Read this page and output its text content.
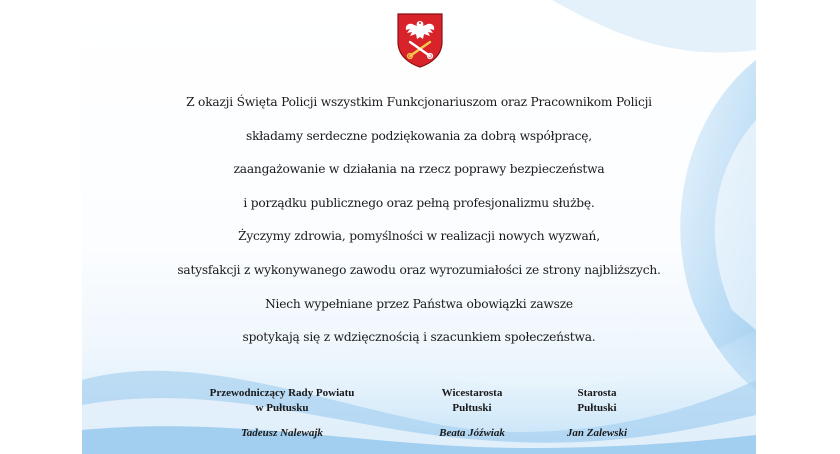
Z okazji Święta Policji wszystkim Funkcjonariuszom oraz Pracownikom Policji
składamy serdeczne podziękowania za dobrą współpracę,
zaangażowanie w działania na rzecz poprawy bezpieczeństwa
i porządku publicznego oraz pełną profesjonalizmu służbę.
Życzymy zdrowia, pomyślności w realizacji nowych wyzwań,
satysfakcji z wykonywanego zawodu oraz wyrozumiałości ze strony najbliższych.
Niech wypełniane przez Państwa obowiązki zawsze
spotykają się z wdzięcznością i szacunkiem społeczeństwa.
Przewodniczący Rady Powiatu
w Pułtusku
Tadeusz Nalewajk
Wicestarosta
Pułtuski
Beata Jóźwiak
Starosta
Pułtuski
Jan Zalewski
